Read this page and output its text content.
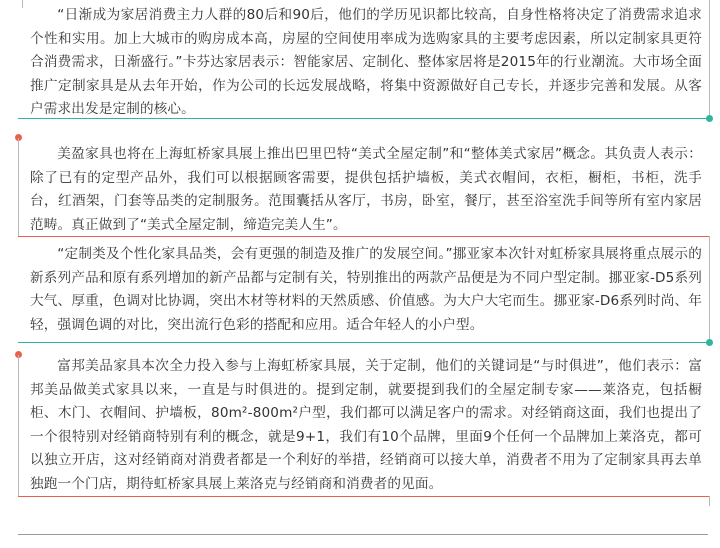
“日渐成为家居消费主力人群的80后和90后，他们的学历见识都比较高，自身性格将决定了消费需求追求个性和实用。加上大城市的购房成本高，房屋的空间使用率成为选购家具的主要考虑因素，所以定制家具更符合消费需求，日渐盛行。”卡芬达家居表示：智能家居、定制化、整体家居将是2015年的行业潮流。大市场全面推广定制家具是从去年开始，作为公司的长远发展战略，将集中资源做好自己专长，并逐步完善和发展。从客户需求出发是定制的核心。

美盈家具也将在上海虹桥家具展上推出巴里巴特“美式全屋定制”和“整体美式家居”概念。其负责人表示：除了已有的定型产品外，我们可以根据顾客需要，提供包括护墙板，美式衣帽间，衣柜，橱柜，书柜，洗手台，红酒架，门套等品类的定制服务。范围囊括从客厅，书房，卧室，餐厅，甚至浴室洗手间等所有室内家居范畴。真正做到了“美式全屋定制，缔造完美人生”。

“定制类及个性化家具品类，会有更强的制造及推广的发展空间。”挪亚家本次针对虹桥家具展将重点展示的新系列产品和原有系列增加的新产品都与定制有关，特别推出的两款产品便是为不同户型定制。挪亚家-D5系列大气、厚重，色调对比协调，突出木材等材料的天然质感、价值感。为大户大宅而生。挪亚家-D6系列时尚、年轻，强调色调的对比，突出流行色彩的搭配和应用。适合年轻人的小户型。

富邦美品家具本次全力投入参与上海虹桥家具展，关于定制，他们的关键词是“与时俱进”，他们表示：富邦美品做美式家具以来，一直是与时俱进的。提到定制，就要提到我们的全屋定制专家——莱洛克，包括橱柜、木门、衣帽间、护墙板，80m²-800m²户型，我们都可以满足客户的需求。对经销商这面，我们也提出了一个很特别对经销商特别有利的概念，就是9+1，我们有10个品牌，里面9个任何一个品牌加上莱洛克，都可以独立开店，这对经销商对消费者都是一个利好的举措，经销商可以接大单，消费者不用为了定制家具再去单独跑一个门店，期待虹桥家具展上莱洛克与经销商和消费者的见面。
